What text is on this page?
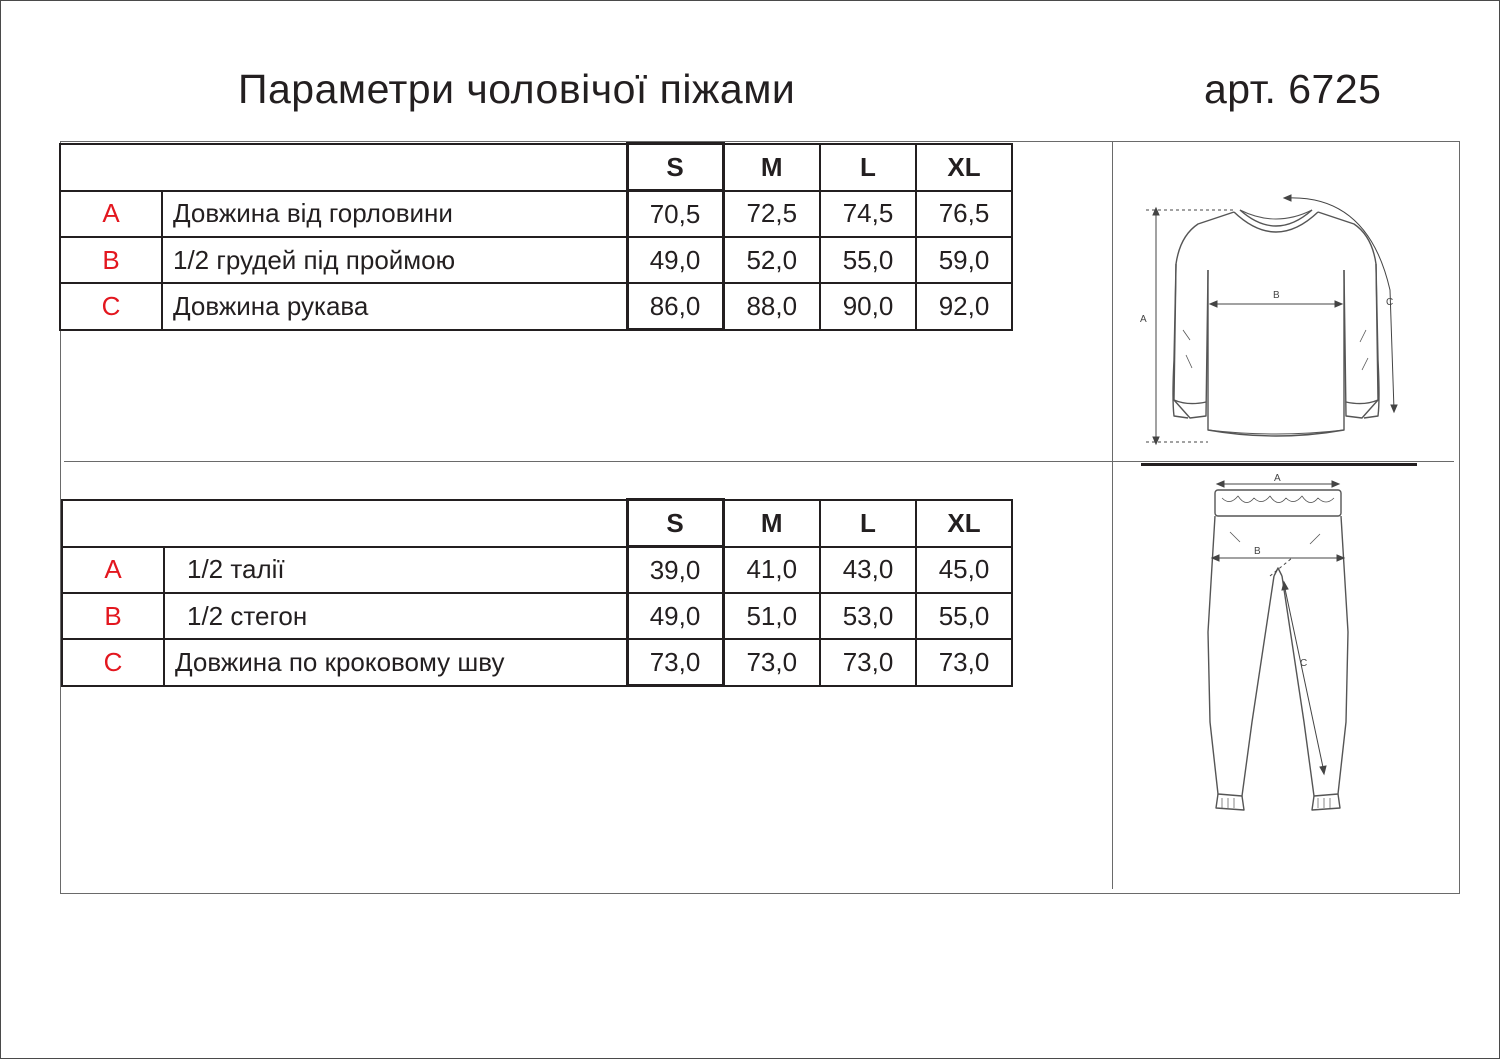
Параметри чоловічої піжами	арт. 6725
		S	M	L	XL
A	Довжина від горловини	70,5	72,5	74,5	76,5
B	1/2 грудей під проймою	49,0	52,0	55,0	59,0
C	Довжина рукава	86,0	88,0	90,0	92,0
		S	M	L	XL
A	1/2 талії	39,0	41,0	43,0	45,0
B	1/2 стегон	49,0	51,0	53,0	55,0
C	Довжина по кроковому шву	73,0	73,0	73,0	73,0
A
B
C
A
B
C
